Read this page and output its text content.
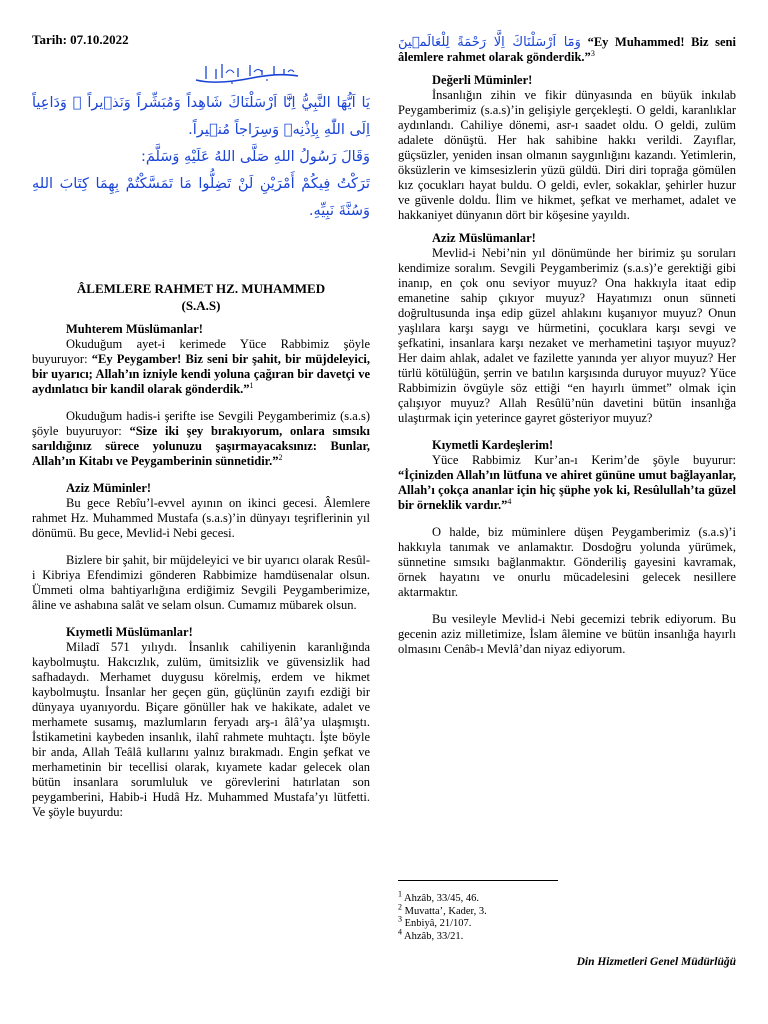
Tarih: 07.10.2022
يَا اَيُّهَا النَّبِيُّ اِنَّٓا اَرْسَلْنَاكَ شَاهِداً وَمُبَشِّراً وَنَذ۪يراً ۙ وَدَاعِياً اِلَى اللّٰهِ بِاِذْنِه۪ وَسِرَاجاً مُن۪يراً.
وَقَالَ رَسُولُ اللهِ صَلَّى اللهُ عَلَيْهِ وَسَلَّمَ:
تَرَكْتُ فِيكُمْ أَمْرَيْنِ لَنْ تَضِلُّوا مَا تَمَسَّكْتُمْ بِهِمَا كِتَابَ اللهِ وَسُنَّةَ نَبِيِّهِ.
ÂLEMLERE RAHMET HZ. MUHAMMED
(S.A.S)

Muhterem Müslümanlar!

Okuduğum ayet-i kerimede Yüce Rabbimiz şöyle buyuruyor: “Ey Peygamber! Biz seni bir şahit, bir müjdeleyici, bir uyarıcı; Allah’ın izniyle kendi yoluna çağıran bir davetçi ve aydınlatıcı bir kandil olarak gönderdik.”$^1$

Okuduğum hadis-i şerifte ise Sevgili Peygamberimiz (s.a.s) şöyle buyuruyor: “Size iki şey bırakıyorum, onlara sımsıkı sarıldığınız sürece yolunuzu şaşırmayacaksınız: Bunlar, Allah’ın Kitabı ve Peygamberinin sünnetidir.”$^2$

Aziz Müminler!

Bu gece Rebîu’l-evvel ayının on ikinci gecesi. Âlemlere rahmet Hz. Muhammed Mustafa (s.a.s)’in dünyayı teşriflerinin yıl dönümü. Bu gece, Mevlid-i Nebi gecesi.

Bizlere bir şahit, bir müjdeleyici ve bir uyarıcı olarak Resûl-i Kibriya Efendimizi gönderen Rabbimize hamdüsenalar olsun. Ümmeti olma bahtiyarlığına erdiğimiz Sevgili Peygamberimize, âline ve ashabına salât ve selam olsun. Cumamız mübarek olsun.

Kıymetli Müslümanlar!

Miladî 571 yılıydı. İnsanlık cahiliyenin karanlığında kaybolmuştu. Hakсızlık, zulüm, ümitsizlik ve güvensizlik had safhadaydı. Merhamet duygusu körelmiş, erdem ve hikmet kaybolmuştu. İnsanlar her geçen gün, güçlünün zayıfı ezdiği bir dünyaya uyanıyordu. Biçare gönüller hak ve hakikate, adalet ve merhamete susamış, mazlumların feryadı arş-ı âlâ’ya ulaşmıştı. İstikametini kaybeden insanlık, ilahî rahmete muhtaçtı. İşte böyle bir anda, Allah Teâlâ kullarını yalnız bırakmadı. Engin şefkat ve merhametinin bir tecellisi olarak, kıyamete kadar gelecek olan bütün insanlara sorumluluk ve görevlerini hatırlatan son peygamberini, Habib-i Hudâ Hz. Muhammed Mustafa’yı lütfetti. Ve şöyle buyurdu:

وَمَٓا اَرْسَلْنَاكَ اِلَّا رَحْمَةً لِلْعَالَم۪ينَ “Ey Muhammed! Biz seni âlemlere rahmet olarak gönderdik.”$^3$

Değerli Müminler!

İnsanlığın zihin ve fikir dünyasında en büyük inkılab Peygamberimiz (s.a.s)’in gelişiyle gerçekleşti. O geldi, karanlıklar aydınlandı. Cahiliye dönemi, asr-ı saadet oldu. O geldi, zulüm adalete dönüştü. Her hak sahibine hakkı verildi. Zayıflar, güçsüzler, yeniden insan olmanın saygınlığını kazandı. Yetimlerin, öksüzlerin ve kimsesizlerin yüzü güldü. Diri diri toprağa gömülen kız çocukları hayat buldu. O geldi, evler, sokaklar, şehirler huzur ve güvenle doldu. İlim ve hikmet, şefkat ve merhamet, adalet ve hakkaniyet dünyanın dört bir köşesine yayıldı.

Aziz Müslümanlar!

Mevlid-i Nebi’nin yıl dönümünde her birimiz şu soruları kendimize soralım. Sevgili Peygamberimiz (s.a.s)’e gerektiği gibi inanıp, en çok onu seviyor muyuz? Ona hakkıyla itaat edip emanetine sahip çıkıyor muyuz? Hayatımızı onun sünneti doğrultusunda inşa edip güzel ahlakını kuşanıyor muyuz? Onun yaşlılara karşı saygı ve hürmetini, çocuklara karşı sevgi ve şefkatini, insanlara karşı nezaket ve merhametini taşıyor muyuz? Her daim ahlak, adalet ve fazilette yanında yer alıyor muyuz? Her türlü kötülüğün, şerrin ve batılın karşısında duruyor muyuz? Yüce Rabbimizin övgüyle söz ettiği “en hayırlı ümmet” olmak için çalışıyor muyuz? Allah Resûlü’nün davetini bütün insanlığa ulaştırmak için yeterince gayret gösteriyor muyuz?

Kıymetli Kardeşlerim!

Yüce Rabbimiz Kur’an-ı Kerim’de şöyle buyurur: “İçinizden Allah’ın lütfuna ve ahiret gününe umut bağlayanlar, Allah’ı çokça ananlar için hiç şüphe yok ki, Resûlullah’ta güzel bir örneklik vardır.”$^4$

O halde, biz müminlere düşen Peygamberimiz (s.a.s)’i hakkıyla tanımak ve anlamaktır. Dosdoğru yolunda yürümek, sünnetine sımsıkı bağlanmaktır. Gönderiliş gayesini kavramak, örnek hayatını ve onurlu mücadelesini gelecek nesillere aktarmaktır.

Bu vesileyle Mevlid-i Nebi gecemizi tebrik ediyorum. Bu gecenin aziz milletimize, İslam âlemine ve bütün insanlığa hayırlı olmasını Cenâb-ı Mevlâ’dan niyaz ediyorum.

$^1$ Ahzâb, 33/45, 46.
$^2$ Muvatta’, Kader, 3.
$^3$ Enbiyâ, 21/107.
$^4$ Ahzâb, 33/21.
Din Hizmetleri Genel Müdürlüğü
